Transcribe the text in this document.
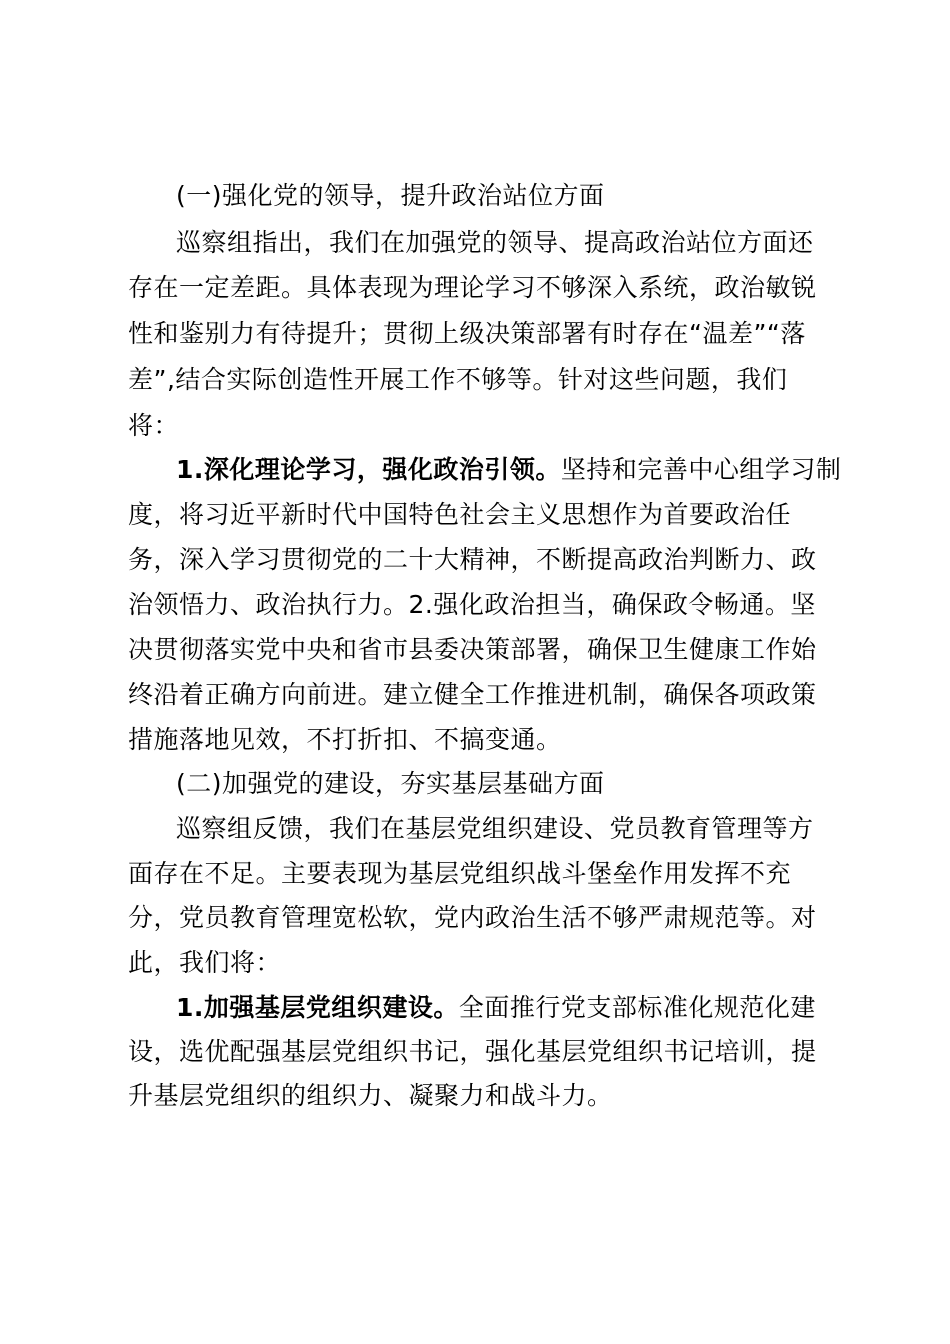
(一)强化党的领导，提升政治站位方面
巡察组指出，我们在加强党的领导、提高政治站位方面还
存在一定差距。具体表现为理论学习不够深入系统，政治敏锐
性和鉴别力有待提升；贯彻上级决策部署有时存在“温差”“落
差”,结合实际创造性开展工作不够等。针对这些问题，我们
将：
1.深化理论学习，强化政治引领。坚持和完善中心组学习制
度，将习近平新时代中国特色社会主义思想作为首要政治任
务，深入学习贯彻党的二十大精神，不断提高政治判断力、政
治领悟力、政治执行力。2.强化政治担当，确保政令畅通。坚
决贯彻落实党中央和省市县委决策部署，确保卫生健康工作始
终沿着正确方向前进。建立健全工作推进机制，确保各项政策
措施落地见效，不打折扣、不搞变通。
(二)加强党的建设，夯实基层基础方面
巡察组反馈，我们在基层党组织建设、党员教育管理等方
面存在不足。主要表现为基层党组织战斗堡垒作用发挥不充
分，党员教育管理宽松软，党内政治生活不够严肃规范等。对
此，我们将：
1.加强基层党组织建设。全面推行党支部标准化规范化建
设，选优配强基层党组织书记，强化基层党组织书记培训，提
升基层党组织的组织力、凝聚力和战斗力。
